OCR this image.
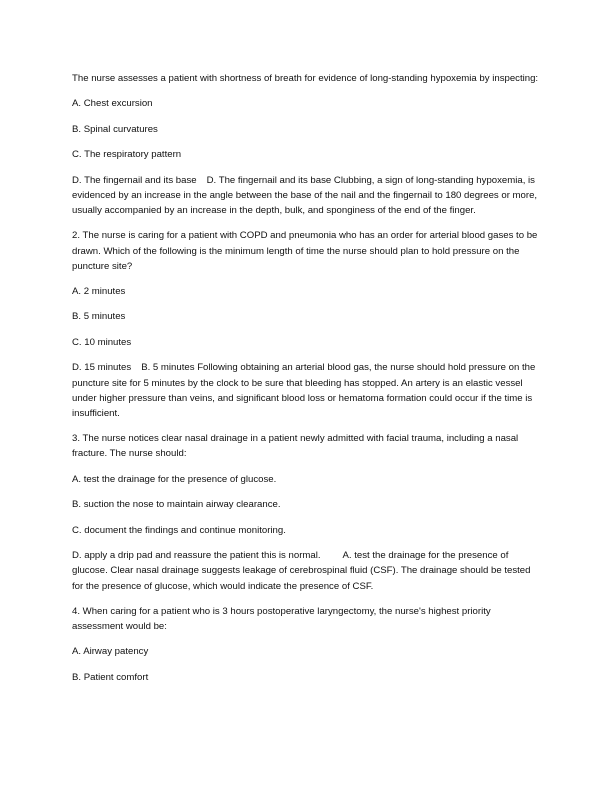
The nurse assesses a patient with shortness of breath for evidence of long-standing hypoxemia by inspecting:

A. Chest excursion

B. Spinal curvatures

C. The respiratory pattern

D. The fingernail and its base D. The fingernail and its base Clubbing, a sign of long-standing hypoxemia, is evidenced by an increase in the angle between the base of the nail and the fingernail to 180 degrees or more, usually accompanied by an increase in the depth, bulk, and sponginess of the end of the finger.

2. The nurse is caring for a patient with COPD and pneumonia who has an order for arterial blood gases to be drawn. Which of the following is the minimum length of time the nurse should plan to hold pressure on the puncture site?

A. 2 minutes

B. 5 minutes

C. 10 minutes

D. 15 minutes B. 5 minutes Following obtaining an arterial blood gas, the nurse should hold pressure on the puncture site for 5 minutes by the clock to be sure that bleeding has stopped. An artery is an elastic vessel under higher pressure than veins, and significant blood loss or hematoma formation could occur if the time is insufficient.

3. The nurse notices clear nasal drainage in a patient newly admitted with facial trauma, including a nasal fracture. The nurse should:

A. test the drainage for the presence of glucose.

B. suction the nose to maintain airway clearance.

C. document the findings and continue monitoring.

D. apply a drip pad and reassure the patient this is normal. A. test the drainage for the presence of glucose. Clear nasal drainage suggests leakage of cerebrospinal fluid (CSF). The drainage should be tested for the presence of glucose, which would indicate the presence of CSF.

4. When caring for a patient who is 3 hours postoperative laryngectomy, the nurse's highest priority assessment would be:

A. Airway patency

B. Patient comfort
